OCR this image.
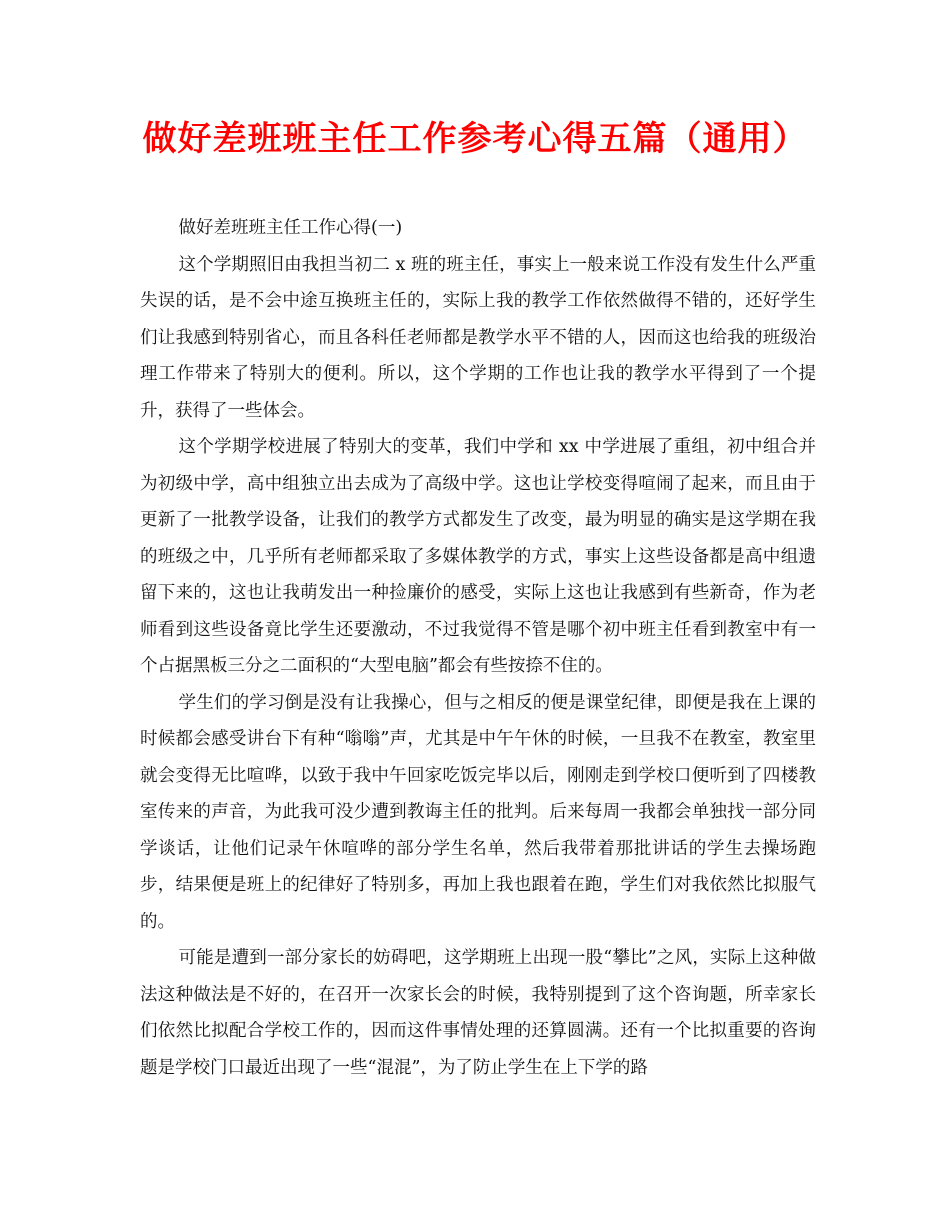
做好差班班主任工作参考心得五篇（通用）

做好差班班主任工作心得(一)

这个学期照旧由我担当初二 x 班的班主任，事实上一般来说工作没有发生什么严重失误的话，是不会中途互换班主任的，实际上我的教学工作依然做得不错的，还好学生们让我感到特别省心，而且各科任老师都是教学水平不错的人，因而这也给我的班级治理工作带来了特别大的便利。所以，这个学期的工作也让我的教学水平得到了一个提升，获得了一些体会。

这个学期学校进展了特别大的变革，我们中学和 xx 中学进展了重组，初中组合并为初级中学，高中组独立出去成为了高级中学。这也让学校变得喧闹了起来，而且由于更新了一批教学设备，让我们的教学方式都发生了改变，最为明显的确实是这学期在我的班级之中，几乎所有老师都采取了多媒体教学的方式，事实上这些设备都是高中组遗留下来的，这也让我萌发出一种捡廉价的感受，实际上这也让我感到有些新奇，作为老师看到这些设备竟比学生还要激动，不过我觉得不管是哪个初中班主任看到教室中有一个占据黑板三分之二面积的“大型电脑”都会有些按捺不住的。

学生们的学习倒是没有让我操心，但与之相反的便是课堂纪律，即便是我在上课的时候都会感受讲台下有种“嗡嗡”声，尤其是中午午休的时候，一旦我不在教室，教室里就会变得无比喧哗，以致于我中午回家吃饭完毕以后，刚刚走到学校口便听到了四楼教室传来的声音，为此我可没少遭到教诲主任的批判。后来每周一我都会单独找一部分同学谈话，让他们记录午休喧哗的部分学生名单，然后我带着那批讲话的学生去操场跑步，结果便是班上的纪律好了特别多，再加上我也跟着在跑，学生们对我依然比拟服气的。

可能是遭到一部分家长的妨碍吧，这学期班上出现一股“攀比”之风，实际上这种做法这种做法是不好的，在召开一次家长会的时候，我特别提到了这个咨询题，所幸家长们依然比拟配合学校工作的，因而这件事情处理的还算圆满。还有一个比拟重要的咨询题是学校门口最近出现了一些“混混”，为了防止学生在上下学的路
